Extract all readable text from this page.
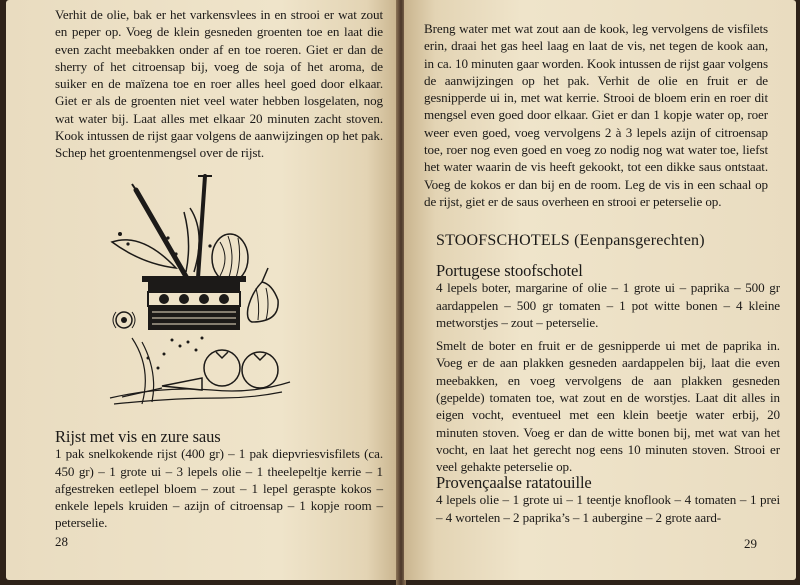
Verhit de olie, bak er het varkensvlees in en strooi er wat zout en peper op. Voeg de klein gesneden groenten toe en laat die even zacht meebakken onder af en toe roeren. Giet er dan de sherry of het citroensap bij, voeg de soja of het aroma, de suiker en de maïzena toe en roer alles heel goed door elkaar. Giet er als de groenten niet veel water hebben losgelaten, nog wat water bij. Laat alles met elkaar 20 minuten zacht stoven. Kook intussen de rijst gaar volgens de aanwijzingen op het pak. Schep het groentenmengsel over de rijst.

Rijst met vis en zure saus

1 pak snelkokende rijst (400 gr) – 1 pak diepvriesvisfilets (ca. 450 gr) – 1 grote ui – 3 lepels olie – 1 theelepeltje kerrie – 1 afgestreken eetlepel bloem – zout – 1 lepel geraspte kokos – enkele lepels kruiden – azijn of citroensap – 1 kopje room – peterselie.

28

Breng water met wat zout aan de kook, leg vervolgens de visfilets erin, draai het gas heel laag en laat de vis, net tegen de kook aan, in ca. 10 minuten gaar worden. Kook intussen de rijst gaar volgens de aanwijzingen op het pak. Verhit de olie en fruit er de gesnipperde ui in, met wat kerrie. Strooi de bloem erin en roer dit mengsel even goed door elkaar. Giet er dan 1 kopje water op, roer weer even goed, voeg vervolgens 2 à 3 lepels azijn of citroensap toe, roer nog even goed en voeg zo nodig nog wat water toe, liefst het water waarin de vis heeft gekookt, tot een dikke saus ontstaat. Voeg de kokos er dan bij en de room. Leg de vis in een schaal op de rijst, giet er de saus overheen en strooi er peterselie op.

STOOFSCHOTELS (Eenpansgerechten)

Portugese stoofschotel

4 lepels boter, margarine of olie – 1 grote ui – paprika – 500 gr aardappelen – 500 gr tomaten – 1 pot witte bonen – 4 kleine metworstjes – zout – peterselie.

Smelt de boter en fruit er de gesnipperde ui met de paprika in. Voeg er de aan plakken gesneden aardappelen bij, laat die even meebakken, en voeg vervolgens de aan plakken gesneden (gepelde) tomaten toe, wat zout en de worstjes. Laat dit alles in eigen vocht, eventueel met een klein beetje water erbij, 20 minuten stoven. Voeg er dan de witte bonen bij, met wat van het vocht, en laat het gerecht nog eens 10 minuten stoven. Strooi er veel gehakte peterselie op.

Provençaalse ratatouille

4 lepels olie – 1 grote ui – 1 teentje knoflook – 4 tomaten – 1 prei – 4 wortelen – 2 paprika’s – 1 aubergine – 2 grote aard-

29
